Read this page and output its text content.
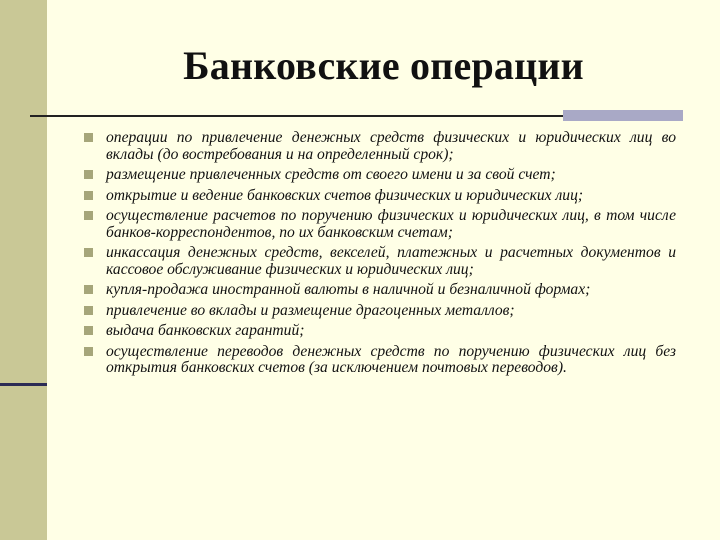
Банковские операции
операции по привлечение денежных средств физических и юридических лиц во вклады (до востребования и на определенный срок);
размещение привлеченных средств от своего имени и за свой счет;
открытие и ведение банковских счетов физических и юридических лиц;
осуществление расчетов по поручению физических и юридических лиц, в том числе банков-корреспондентов, по их банковским счетам;
инкассация денежных средств, векселей, платежных и расчетных документов и кассовое обслуживание физических и юридических лиц;
купля-продажа иностранной валюты в наличной и безналичной формах;
привлечение во вклады и размещение драгоценных металлов;
выдача банковских гарантий;
осуществление переводов денежных средств по поручению физических лиц без открытия банковских счетов (за исключением почтовых переводов).
